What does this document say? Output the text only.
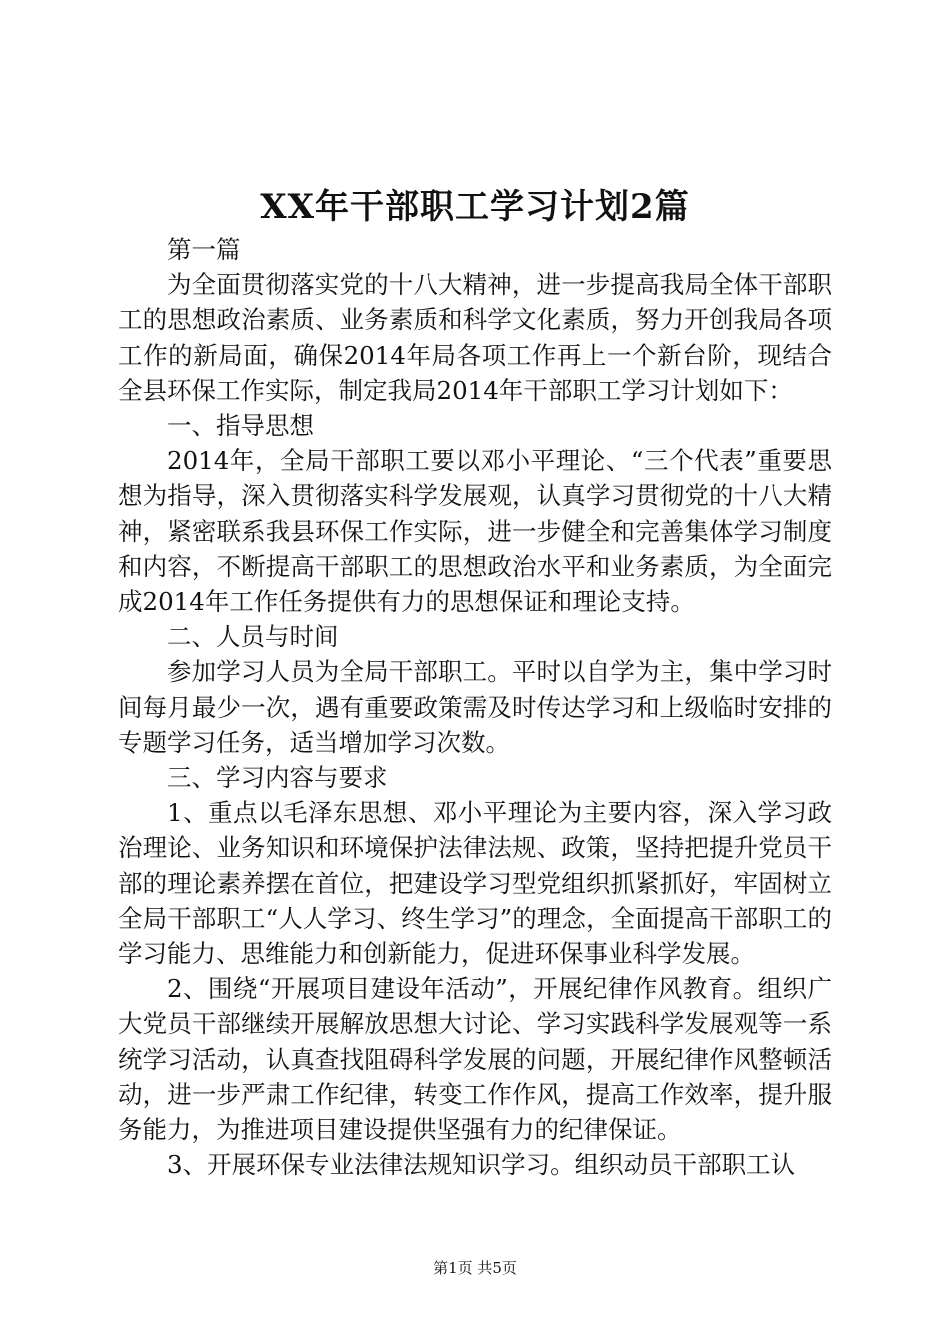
XX年干部职工学习计划2篇

第一篇

为全面贯彻落实党的十八大精神，进一步提高我局全体干部职工的思想政治素质、业务素质和科学文化素质，努力开创我局各项工作的新局面，确保2014年局各项工作再上一个新台阶，现结合全县环保工作实际，制定我局2014年干部职工学习计划如下：

一、指导思想

2014年，全局干部职工要以邓小平理论、“三个代表”重要思想为指导，深入贯彻落实科学发展观，认真学习贯彻党的十八大精神，紧密联系我县环保工作实际，进一步健全和完善集体学习制度和内容，不断提高干部职工的思想政治水平和业务素质，为全面完成2014年工作任务提供有力的思想保证和理论支持。

二、人员与时间

参加学习人员为全局干部职工。平时以自学为主，集中学习时间每月最少一次，遇有重要政策需及时传达学习和上级临时安排的专题学习任务，适当增加学习次数。

三、学习内容与要求

1、重点以毛泽东思想、邓小平理论为主要内容，深入学习政治理论、业务知识和环境保护法律法规、政策，坚持把提升党员干部的理论素养摆在首位，把建设学习型党组织抓紧抓好，牢固树立全局干部职工“人人学习、终生学习”的理念，全面提高干部职工的学习能力、思维能力和创新能力，促进环保事业科学发展。

2、围绕“开展项目建设年活动”，开展纪律作风教育。组织广大党员干部继续开展解放思想大讨论、学习实践科学发展观等一系统学习活动，认真查找阻碍科学发展的问题，开展纪律作风整顿活动，进一步严肃工作纪律，转变工作作风，提高工作效率，提升服务能力，为推进项目建设提供坚强有力的纪律保证。

3、开展环保专业法律法规知识学习。组织动员干部职工认

第1页 共5页
